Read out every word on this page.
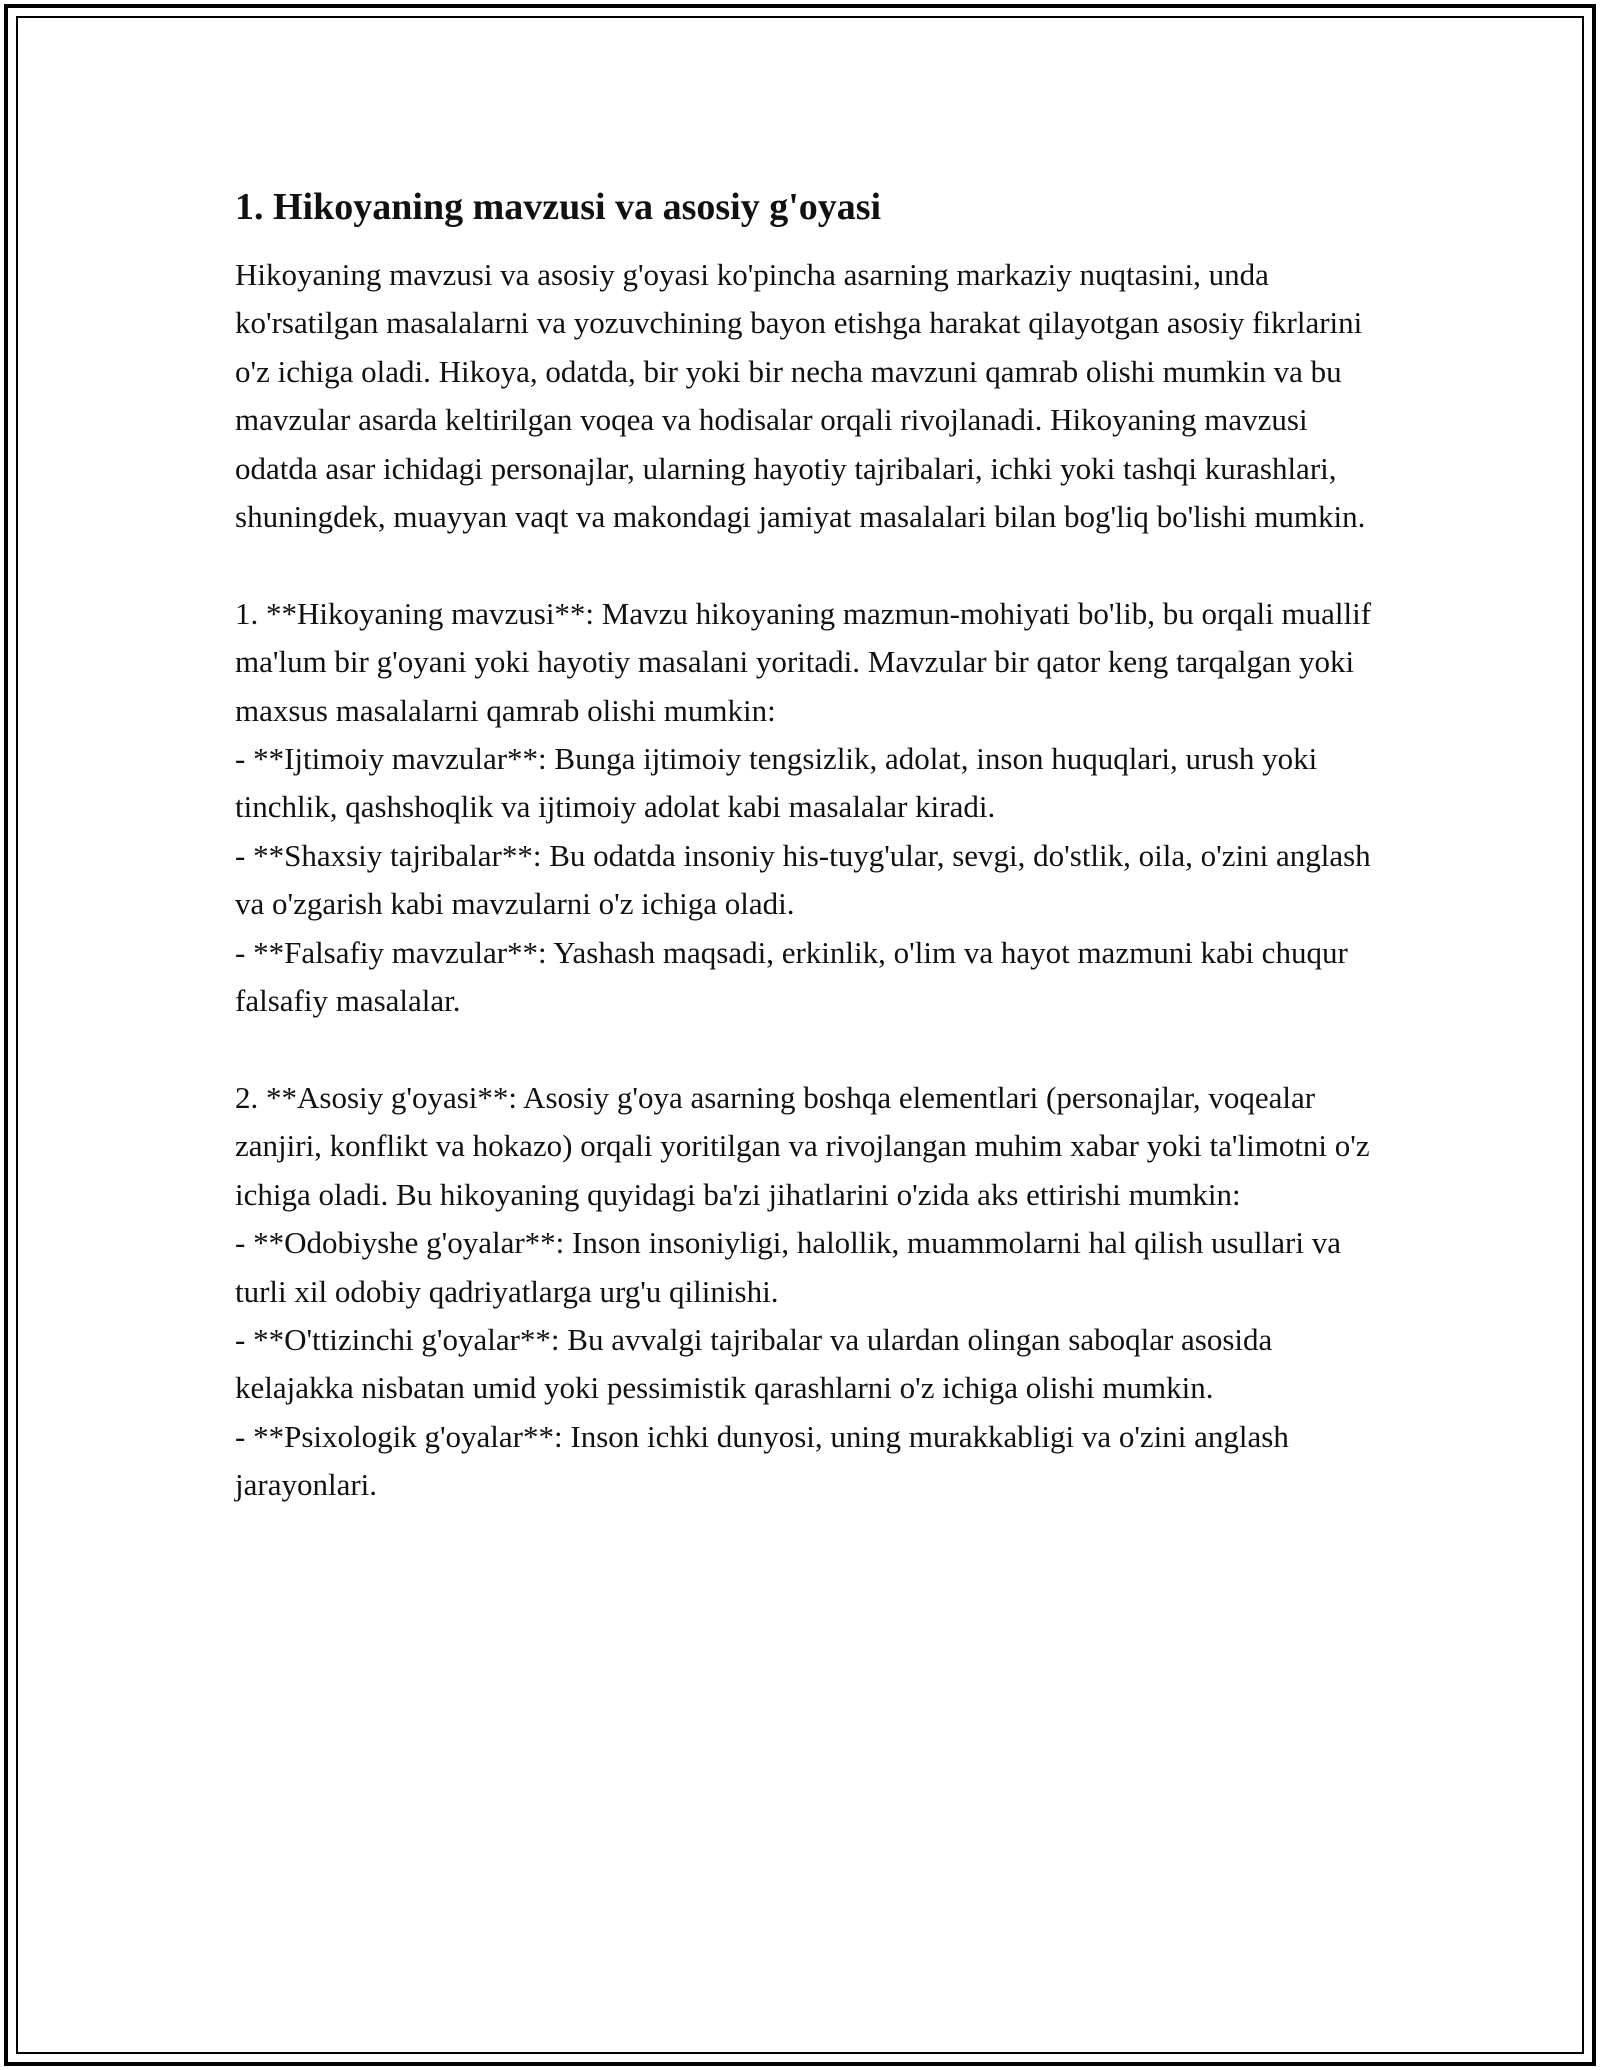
1. Hikoyaning mavzusi va asosiy g'oyasi

Hikoyaning mavzusi va asosiy g'oyasi ko'pincha asarning markaziy nuqtasini, unda ko'rsatilgan masalalarni va yozuvchining bayon etishga harakat qilayotgan asosiy fikrlarini o'z ichiga oladi. Hikoya, odatda, bir yoki bir necha mavzuni qamrab olishi mumkin va bu mavzular asarda keltirilgan voqea va hodisalar orqali rivojlanadi. Hikoyaning mavzusi odatda asar ichidagi personajlar, ularning hayotiy tajribalari, ichki yoki tashqi kurashlari, shuningdek, muayyan vaqt va makondagi jamiyat masalalari bilan bog'liq bo'lishi mumkin.

1. **Hikoyaning mavzusi**: Mavzu hikoyaning mazmun-mohiyati bo'lib, bu orqali muallif ma'lum bir g'oyani yoki hayotiy masalani yoritadi. Mavzular bir qator keng tarqalgan yoki maxsus masalalarni qamrab olishi mumkin:

- **Ijtimoiy mavzular**: Bunga ijtimoiy tengsizlik, adolat, inson huquqlari, urush yoki tinchlik, qashshoqlik va ijtimoiy adolat kabi masalalar kiradi.

- **Shaxsiy tajribalar**: Bu odatda insoniy his-tuyg'ular, sevgi, do'stlik, oila, o'zini anglash va o'zgarish kabi mavzularni o'z ichiga oladi.

- **Falsafiy mavzular**: Yashash maqsadi, erkinlik, o'lim va hayot mazmuni kabi chuqur falsafiy masalalar.

2. **Asosiy g'oyasi**: Asosiy g'oya asarning boshqa elementlari (personajlar, voqealar zanjiri, konflikt va hokazo) orqali yoritilgan va rivojlangan muhim xabar yoki ta'limotni o'z ichiga oladi. Bu hikoyaning quyidagi ba'zi jihatlarini o'zida aks ettirishi mumkin:

- **Odobiyshe g'oyalar**: Inson insoniyligi, halollik, muammolarni hal qilish usullari va turli xil odobiy qadriyatlarga urg'u qilinishi.

- **O'ttizinchi g'oyalar**: Bu avvalgi tajribalar va ulardan olingan saboqlar asosida kelajakka nisbatan umid yoki pessimistik qarashlarni o'z ichiga olishi mumkin.

- **Psixologik g'oyalar**: Inson ichki dunyosi, uning murakkabligi va o'zini anglash jarayonlari.
